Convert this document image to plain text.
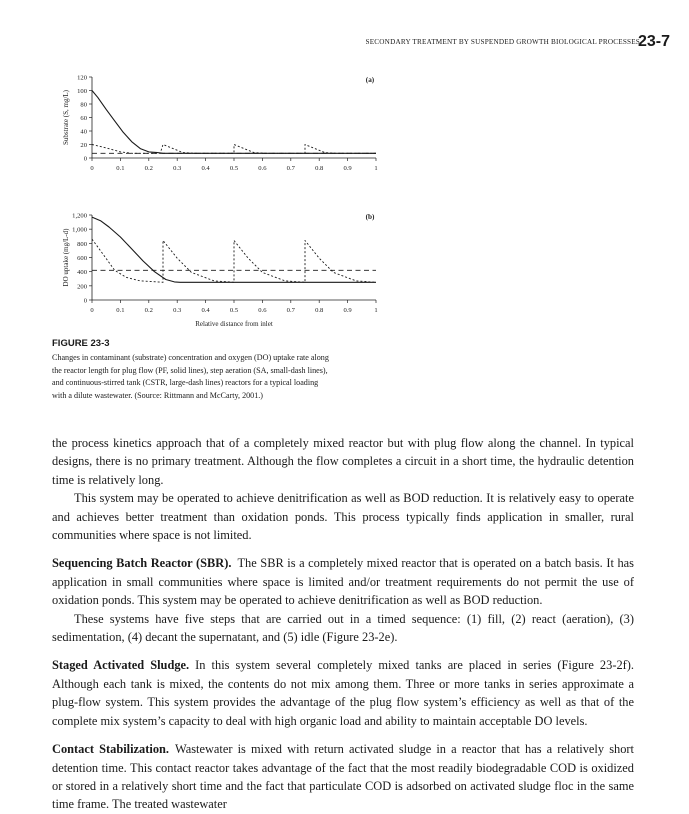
SECONDARY TREATMENT BY SUSPENDED GROWTH BIOLOGICAL PROCESSES
23-7
0
20
40
60
80
100
120
0	0.1	0.2	0.3	0.4	0.5	0.6	0.7	0.8	0.9	1
Substrate (S, mg/L)
(a)
0
200
400
600
800
1,000
1,200
0	0.1	0.2	0.3	0.4	0.5	0.6	0.7	0.8	0.9	1
DO uptake (mg/L-d)
Relative distance from inlet
(b)
FIGURE 23-3
Changes in contaminant (substrate) concentration and oxygen (DO) uptake rate along
the reactor length for plug flow (PF, solid lines), step aeration (SA, small-dash lines),
and continuous-stirred tank (CSTR, large-dash lines) reactors for a typical loading
with a dilute wastewater. (Source: Rittmann and McCarty, 2001.)

the process kinetics approach that of a completely mixed reactor but with plug flow along the channel. In typical designs, there is no primary treatment. Although the flow completes a circuit in a short time, the hydraulic detention time is relatively long.

This system may be operated to achieve denitrification as well as BOD reduction. It is relatively easy to operate and achieves better treatment than oxidation ponds. This process typically finds application in smaller, rural communities where space is not limited.

Sequencing Batch Reactor (SBR). The SBR is a completely mixed reactor that is operated on a batch basis. It has application in small communities where space is limited and/or treatment requirements do not permit the use of oxidation ponds. This system may be operated to achieve denitrification as well as BOD reduction.

These systems have five steps that are carried out in a timed sequence: (1) fill, (2) react (aeration), (3) sedimentation, (4) decant the supernatant, and (5) idle (Figure 23-2e).

Staged Activated Sludge. In this system several completely mixed tanks are placed in series (Figure 23-2f). Although each tank is mixed, the contents do not mix among them. Three or more tanks in series approximate a plug-flow system. This system provides the advantage of the plug flow system’s efficiency as well as that of the complete mix system’s capacity to deal with high organic load and ability to maintain acceptable DO levels.

Contact Stabilization. Wastewater is mixed with return activated sludge in a reactor that has a relatively short detention time. This contact reactor takes advantage of the fact that the most readily biodegradable COD is oxidized or stored in a relatively short time and the fact that particulate COD is adsorbed on activated sludge floc in the same time frame. The treated wastewater
